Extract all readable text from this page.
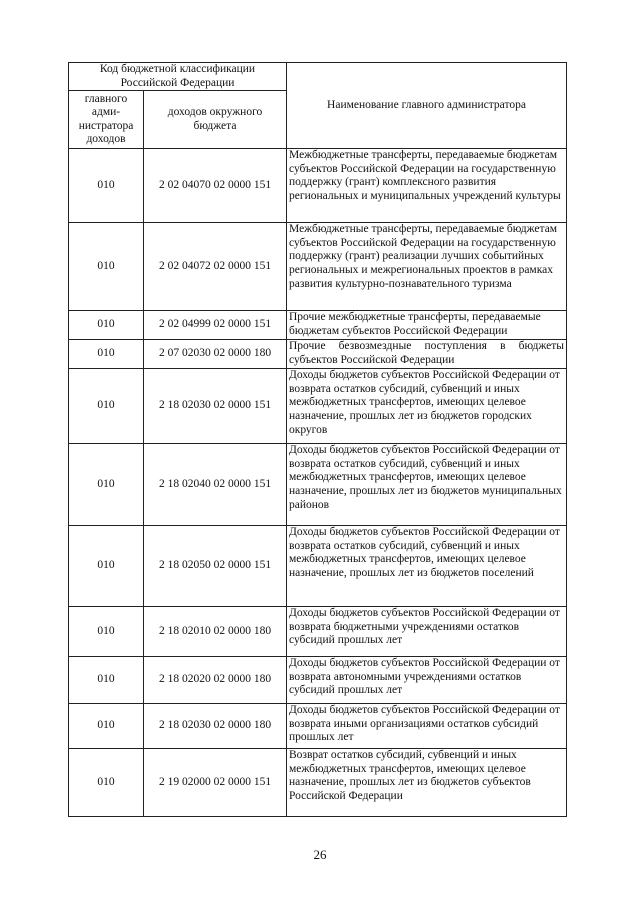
Код бюджетной классификации Российской Федерации		Наименование главного администратора
главного адми-нистратора доходов	доходов окружного бюджета	
010	2 02 04070 02 0000 151	Межбюджетные трансферты, передаваемые бюджетам субъектов Российской Федерации на государственную поддержку (грант) комплексного развития региональных и муниципальных учреждений культуры
010	2 02 04072 02 0000 151	Межбюджетные трансферты, передаваемые бюджетам субъектов Российской Федерации на государственную поддержку (грант) реализации лучших событийных региональных и межрегиональных проектов в рамках развития культурно-познавательного туризма
010	2 02 04999 02 0000 151	Прочие межбюджетные трансферты, передаваемые бюджетам субъектов Российской Федерации
010	2 07 02030 02 0000 180	Прочие безвозмездные поступления в бюджеты субъектов Российской Федерации
010	2 18 02030 02 0000 151	Доходы бюджетов субъектов Российской Федерации от возврата остатков субсидий, субвенций и иных межбюджетных трансфертов, имеющих целевое назначение, прошлых лет из бюджетов городских округов
010	2 18 02040 02 0000 151	Доходы бюджетов субъектов Российской Федерации от возврата остатков субсидий, субвенций и иных межбюджетных трансфертов, имеющих целевое назначение, прошлых лет из бюджетов муниципальных районов
010	2 18 02050 02 0000 151	Доходы бюджетов субъектов Российской Федерации от возврата остатков субсидий, субвенций и иных межбюджетных трансфертов, имеющих целевое назначение, прошлых лет из бюджетов поселений
010	2 18 02010 02 0000 180	Доходы бюджетов субъектов Российской Федерации от возврата бюджетными учреждениями остатков субсидий прошлых лет
010	2 18 02020 02 0000 180	Доходы бюджетов субъектов Российской Федерации от возврата автономными учреждениями остатков субсидий прошлых лет
010	2 18 02030 02 0000 180	Доходы бюджетов субъектов Российской Федерации от возврата иными организациями остатков субсидий прошлых лет
010	2 19 02000 02 0000 151	Возврат остатков субсидий, субвенций и иных межбюджетных трансфертов, имеющих целевое назначение, прошлых лет из бюджетов субъектов Российской Федерации
26
